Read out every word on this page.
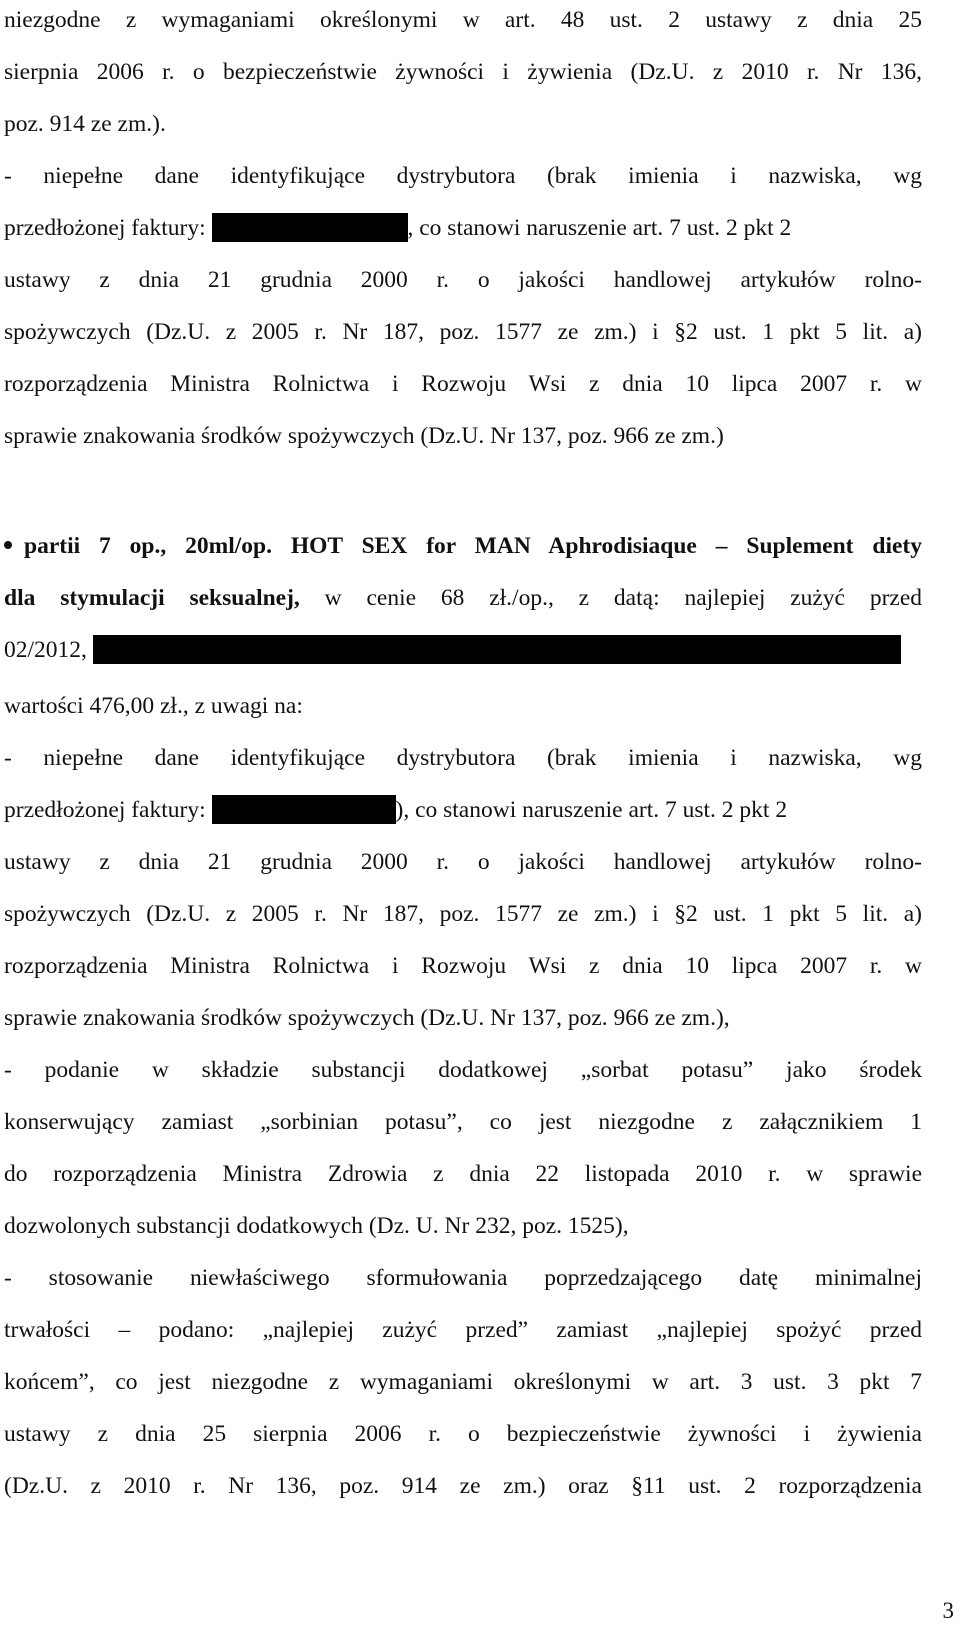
niezgodne z wymaganiami określonymi w art. 48 ust. 2 ustawy z dnia 25
sierpnia 2006 r. o bezpieczeństwie żywności i żywienia (Dz.U. z 2010 r. Nr 136,
poz. 914 ze zm.).
- niepełne dane identyfikujące dystrybutora (brak imienia i nazwiska, wg
przedłożonej faktury:	, co stanowi naruszenie art. 7 ust. 2 pkt 2
ustawy z dnia 21 grudnia 2000 r. o jakości handlowej artykułów rolno-
spożywczych (Dz.U. z 2005 r. Nr 187, poz. 1577 ze zm.) i §2 ust. 1 pkt 5 lit. a)
rozporządzenia Ministra Rolnictwa i Rozwoju Wsi z dnia 10 lipca 2007 r. w
sprawie znakowania środków spożywczych (Dz.U. Nr 137, poz. 966 ze zm.)
partii 7 op., 20ml/op. HOT SEX for MAN Aphrodisiaque – Suplement diety
dla stymulacji seksualnej, w cenie 68 zł./op., z datą: najlepiej zużyć przed
02/2012,
wartości 476,00 zł., z uwagi na:
- niepełne dane identyfikujące dystrybutora (brak imienia i nazwiska, wg
przedłożonej faktury:	), co stanowi naruszenie art. 7 ust. 2 pkt 2
ustawy z dnia 21 grudnia 2000 r. o jakości handlowej artykułów rolno-
spożywczych (Dz.U. z 2005 r. Nr 187, poz. 1577 ze zm.) i §2 ust. 1 pkt 5 lit. a)
rozporządzenia Ministra Rolnictwa i Rozwoju Wsi z dnia 10 lipca 2007 r. w
sprawie znakowania środków spożywczych (Dz.U. Nr 137, poz. 966 ze zm.),
- podanie w składzie substancji dodatkowej „sorbat potasu” jako środek
konserwujący zamiast „sorbinian potasu”, co jest niezgodne z załącznikiem 1
do rozporządzenia Ministra Zdrowia z dnia 22 listopada 2010 r. w sprawie
dozwolonych substancji dodatkowych (Dz. U. Nr 232, poz. 1525),
- stosowanie niewłaściwego sformułowania poprzedzającego datę minimalnej
trwałości – podano: „najlepiej zużyć przed” zamiast „najlepiej spożyć przed
końcem”, co jest niezgodne z wymaganiami określonymi w art. 3 ust. 3 pkt 7
ustawy z dnia 25 sierpnia 2006 r. o bezpieczeństwie żywności i żywienia
(Dz.U. z 2010 r. Nr 136, poz. 914 ze zm.) oraz §11 ust. 2 rozporządzenia
3
